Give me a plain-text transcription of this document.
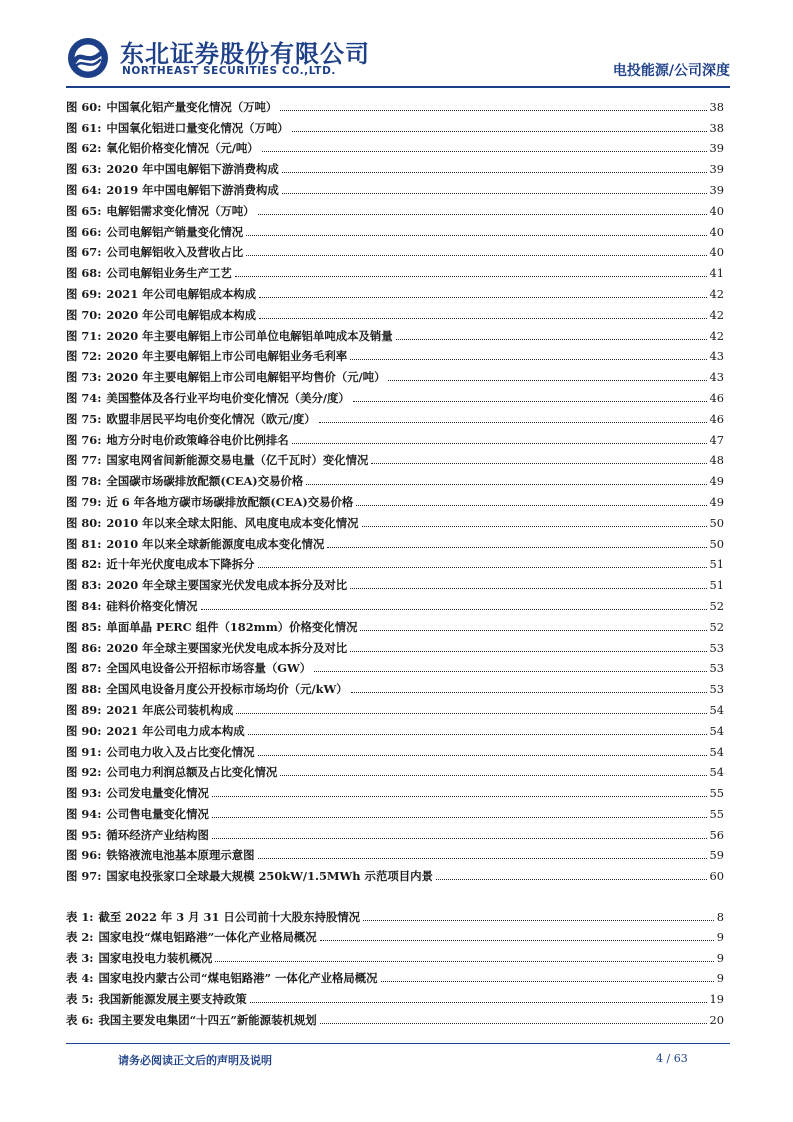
东北证券股份有限公司
NORTHEAST SECURITIES CO.,LTD.	电投能源/公司深度
图 60: 中国氧化铝产量变化情况（万吨）	38
图 61: 中国氧化铝进口量变化情况（万吨）	38
图 62: 氧化铝价格变化情况（元/吨）	39
图 63: 2020 年中国电解铝下游消费构成	39
图 64: 2019 年中国电解铝下游消费构成	39
图 65: 电解铝需求变化情况（万吨）	40
图 66: 公司电解铝产销量变化情况	40
图 67: 公司电解铝收入及营收占比	40
图 68: 公司电解铝业务生产工艺	41
图 69: 2021 年公司电解铝成本构成	42
图 70: 2020 年公司电解铝成本构成	42
图 71: 2020 年主要电解铝上市公司单位电解铝单吨成本及销量	42
图 72: 2020 年主要电解铝上市公司电解铝业务毛利率	43
图 73: 2020 年主要电解铝上市公司电解铝平均售价（元/吨）	43
图 74: 美国整体及各行业平均电价变化情况（美分/度）	46
图 75: 欧盟非居民平均电价变化情况（欧元/度）	46
图 76: 地方分时电价政策峰谷电价比例排名	47
图 77: 国家电网省间新能源交易电量（亿千瓦时）变化情况	48
图 78: 全国碳市场碳排放配额(CEA)交易价格	49
图 79: 近 6 年各地方碳市场碳排放配额(CEA)交易价格	49
图 80: 2010 年以来全球太阳能、风电度电成本变化情况	50
图 81: 2010 年以来全球新能源度电成本变化情况	50
图 82: 近十年光伏度电成本下降拆分	51
图 83: 2020 年全球主要国家光伏发电成本拆分及对比	51
图 84: 硅料价格变化情况	52
图 85: 单面单晶 PERC 组件（182mm）价格变化情况	52
图 86: 2020 年全球主要国家光伏发电成本拆分及对比	53
图 87: 全国风电设备公开招标市场容量（GW）	53
图 88: 全国风电设备月度公开投标市场均价（元/kW）	53
图 89: 2021 年底公司装机构成	54
图 90: 2021 年公司电力成本构成	54
图 91: 公司电力收入及占比变化情况	54
图 92: 公司电力利润总额及占比变化情况	54
图 93: 公司发电量变化情况	55
图 94: 公司售电量变化情况	55
图 95: 循环经济产业结构图	56
图 96: 铁铬液流电池基本原理示意图	59
图 97: 国家电投张家口全球最大规模 250kW/1.5MWh 示范项目内景	60
表 1: 截至 2022 年 3 月 31 日公司前十大股东持股情况	8
表 2: 国家电投“煤电铝路港”一体化产业格局概况	9
表 3: 国家电投电力装机概况	9
表 4: 国家电投内蒙古公司“煤电铝路港” 一体化产业格局概况	9
表 5: 我国新能源发展主要支持政策	19
表 6: 我国主要发电集团“十四五”新能源装机规划	20
请务必阅读正文后的声明及说明	4 / 63
